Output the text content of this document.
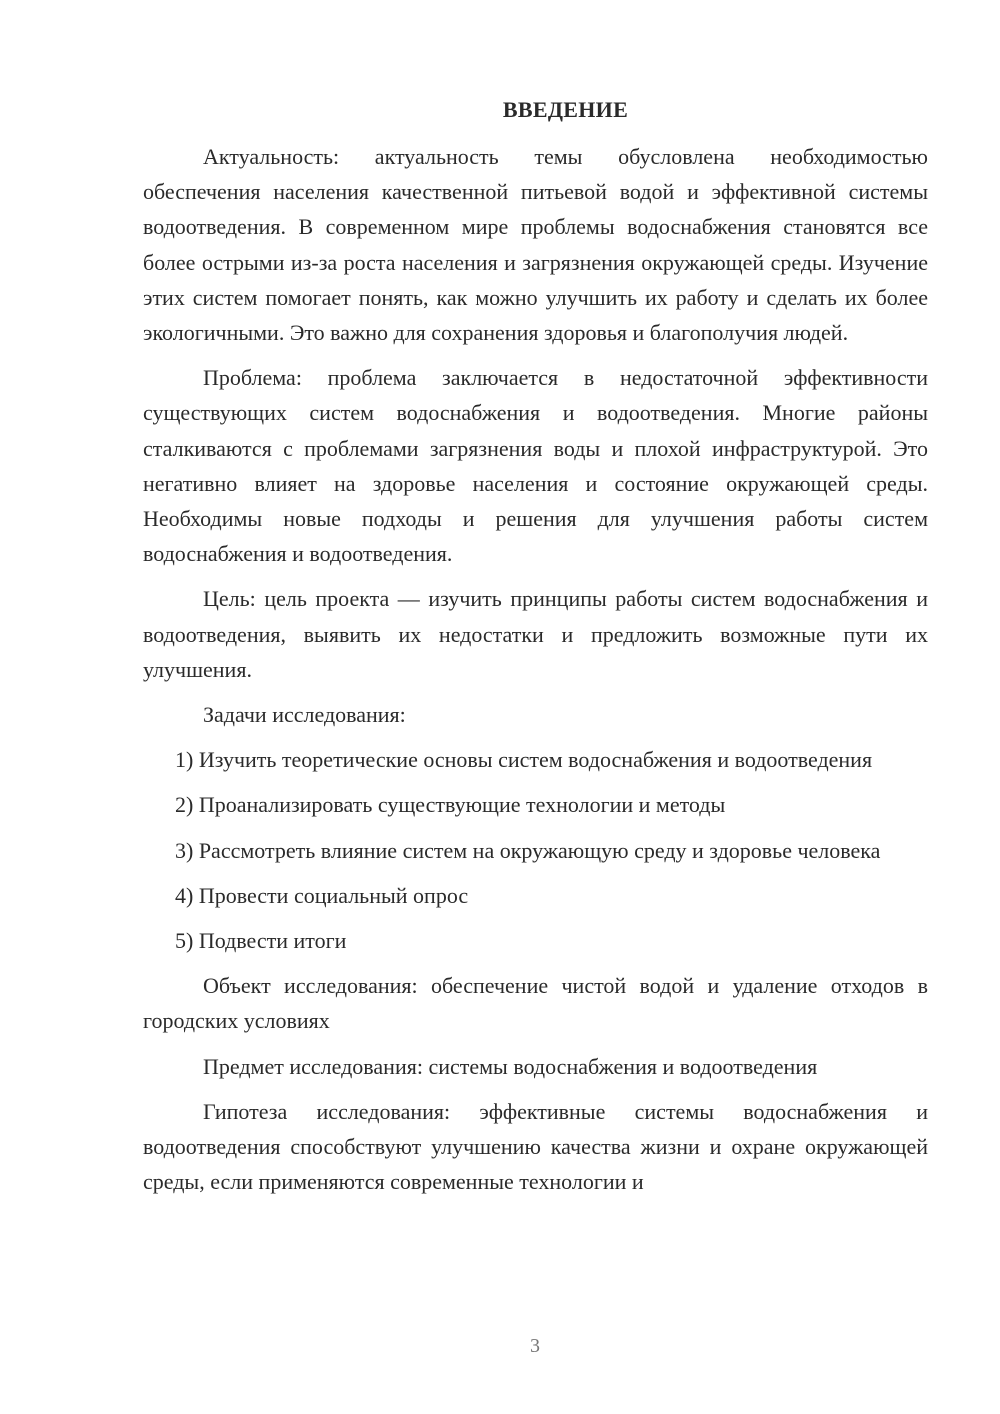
ВВЕДЕНИЕ

Актуальность: актуальность темы обусловлена необходимостью обеспечения населения качественной питьевой водой и эффективной системы водоотведения. В современном мире проблемы водоснабжения становятся все более острыми из-за роста населения и загрязнения окружающей среды. Изучение этих систем помогает понять, как можно улучшить их работу и сделать их более экологичными. Это важно для сохранения здоровья и благополучия людей.

Проблема: проблема заключается в недостаточной эффективности существующих систем водоснабжения и водоотведения. Многие районы сталкиваются с проблемами загрязнения воды и плохой инфраструктурой. Это негативно влияет на здоровье населения и состояние окружающей среды. Необходимы новые подходы и решения для улучшения работы систем водоснабжения и водоотведения.

Цель: цель проекта — изучить принципы работы систем водоснабжения и водоотведения, выявить их недостатки и предложить возможные пути их улучшения.

Задачи исследования:

1) Изучить теоретические основы систем водоснабжения и водоотведения

2) Проанализировать существующие технологии и методы

3) Рассмотреть влияние систем на окружающую среду и здоровье человека

4) Провести социальный опрос

5) Подвести итоги

Объект исследования: обеспечение чистой водой и удаление отходов в городских условиях

Предмет исследования: системы водоснабжения и водоотведения

Гипотеза исследования: эффективные системы водоснабжения и водоотведения способствуют улучшению качества жизни и охране окружающей среды, если применяются современные технологии и

3
